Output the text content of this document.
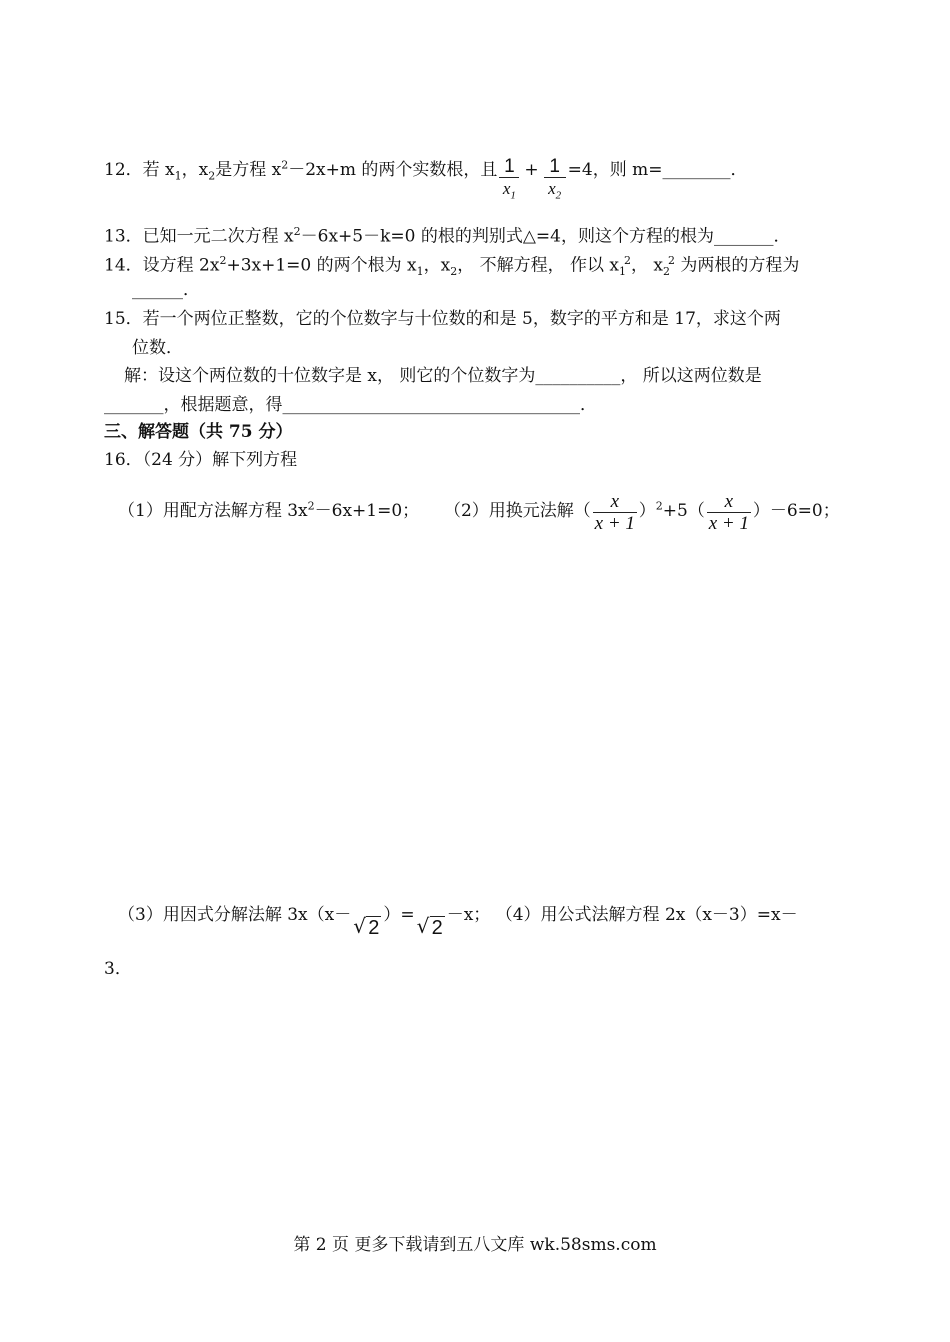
12．若 $x_1$，$x_2$是方程 $x^2-2x+m$ 的两个实数根，且 $\frac{1}{x_1} + \frac{1}{x_2} =4$，则 m=________．
13．已知一元二次方程 $x^2-6x+5-k=0$ 的根的判别式△=4，则这个方程的根为_______．
14．设方程 $2x^2+3x+1=0$ 的两个根为 $x_1$，$x_2$， 不解方程， 作以 $x_1^2$， $x_2^2$ 为两根的方程为
______．
15．若一个两位正整数，它的个位数字与十位数的和是 5，数字的平方和是 17，求这个两
位数．
解：设这个两位数的十位数字是 x， 则它的个位数字为__________， 所以这两位数是
_______，根据题意，得___________________________________．
三、解答题（共 75 分）
16．（24 分）解下列方程
（1）用配方法解方程 $3x^2-6x+1=0$； （2）用换元法解（ $\frac{x}{x + 1} )^2+5( \frac{x}{x + 1} )-6=0$；
（3）用因式分解法解 3x（x－ √ 2）= √ 2－x； （4）用公式法解方程 2x（x－3）=x－
3．
第 2 页 更多下载请到五八文库 wk.58sms.com
